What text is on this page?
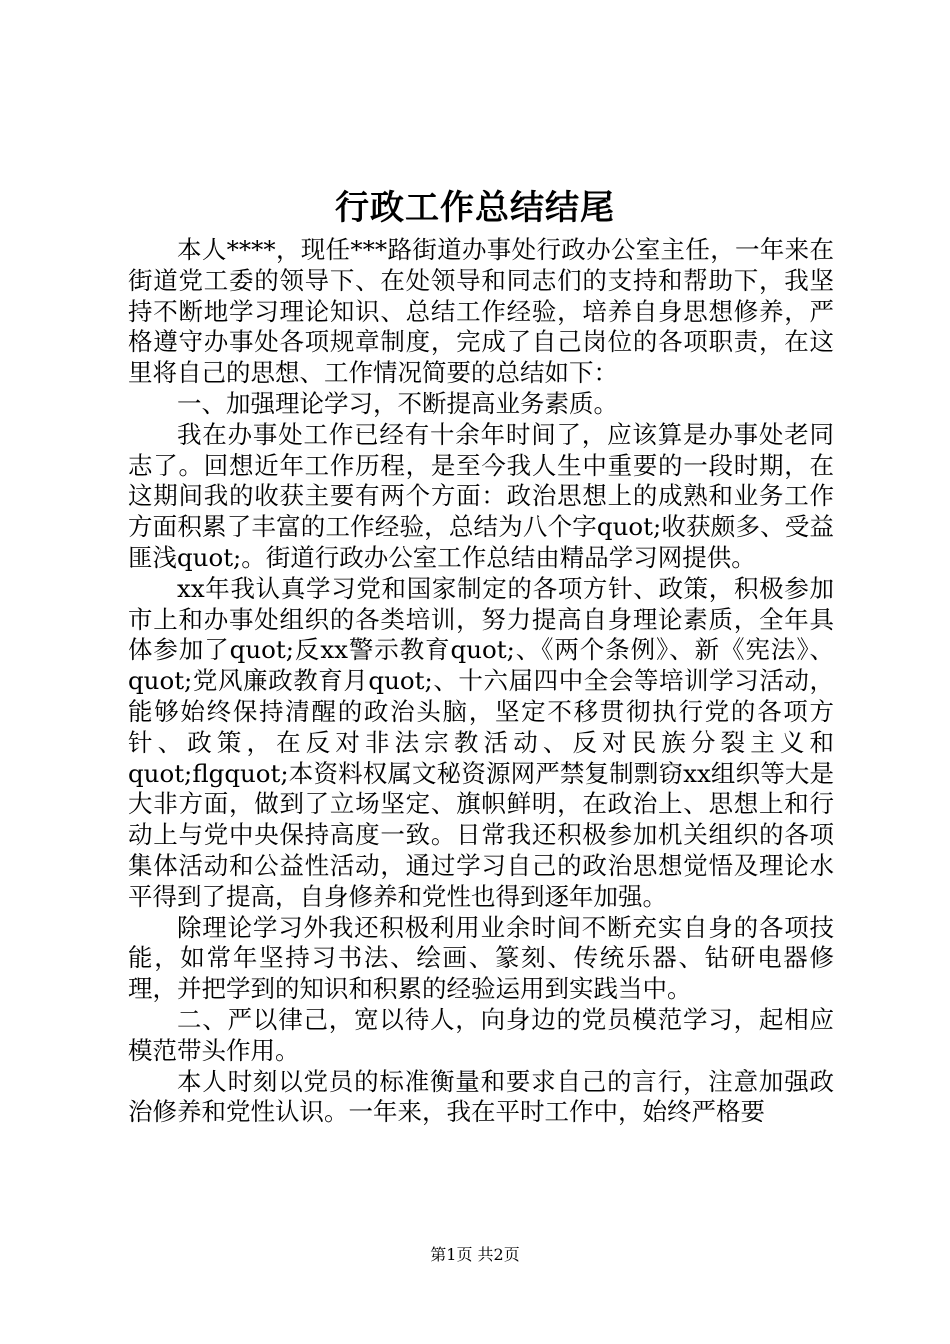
行政工作总结结尾

本人****，现任***路街道办事处行政办公室主任，一年来在街道党工委的领导下、在处领导和同志们的支持和帮助下，我坚持不断地学习理论知识、总结工作经验，培养自身思想修养，严格遵守办事处各项规章制度，完成了自己岗位的各项职责，在这里将自己的思想、工作情况简要的总结如下：

一、加强理论学习，不断提高业务素质。

我在办事处工作已经有十余年时间了，应该算是办事处老同志了。回想近年工作历程，是至今我人生中重要的一段时期，在这期间我的收获主要有两个方面：政治思想上的成熟和业务工作方面积累了丰富的工作经验，总结为八个字quot;收获颇多、受益匪浅quot;。街道行政办公室工作总结由精品学习网提供。

xx年我认真学习党和国家制定的各项方针、政策，积极参加市上和办事处组织的各类培训，努力提高自身理论素质，全年具体参加了quot;反xx警示教育quot;、《两个条例》、新《宪法》、quot;党风廉政教育月quot;、十六届四中全会等培训学习活动，能够始终保持清醒的政治头脑，坚定不移贯彻执行党的各项方针、政策，在反对非法宗教活动、反对民族分裂主义和quot;flgquot;本资料权属文秘资源网严禁复制剽窃xx组织等大是大非方面，做到了立场坚定、旗帜鲜明，在政治上、思想上和行动上与党中央保持高度一致。日常我还积极参加机关组织的各项集体活动和公益性活动，通过学习自己的政治思想觉悟及理论水平得到了提高，自身修养和党性也得到逐年加强。

除理论学习外我还积极利用业余时间不断充实自身的各项技能，如常年坚持习书法、绘画、篆刻、传统乐器、钻研电器修理，并把学到的知识和积累的经验运用到实践当中。

二、严以律己，宽以待人，向身边的党员模范学习，起相应模范带头作用。

本人时刻以党员的标准衡量和要求自己的言行，注意加强政治修养和党性认识。一年来，我在平时工作中，始终严格要

第1页 共2页
